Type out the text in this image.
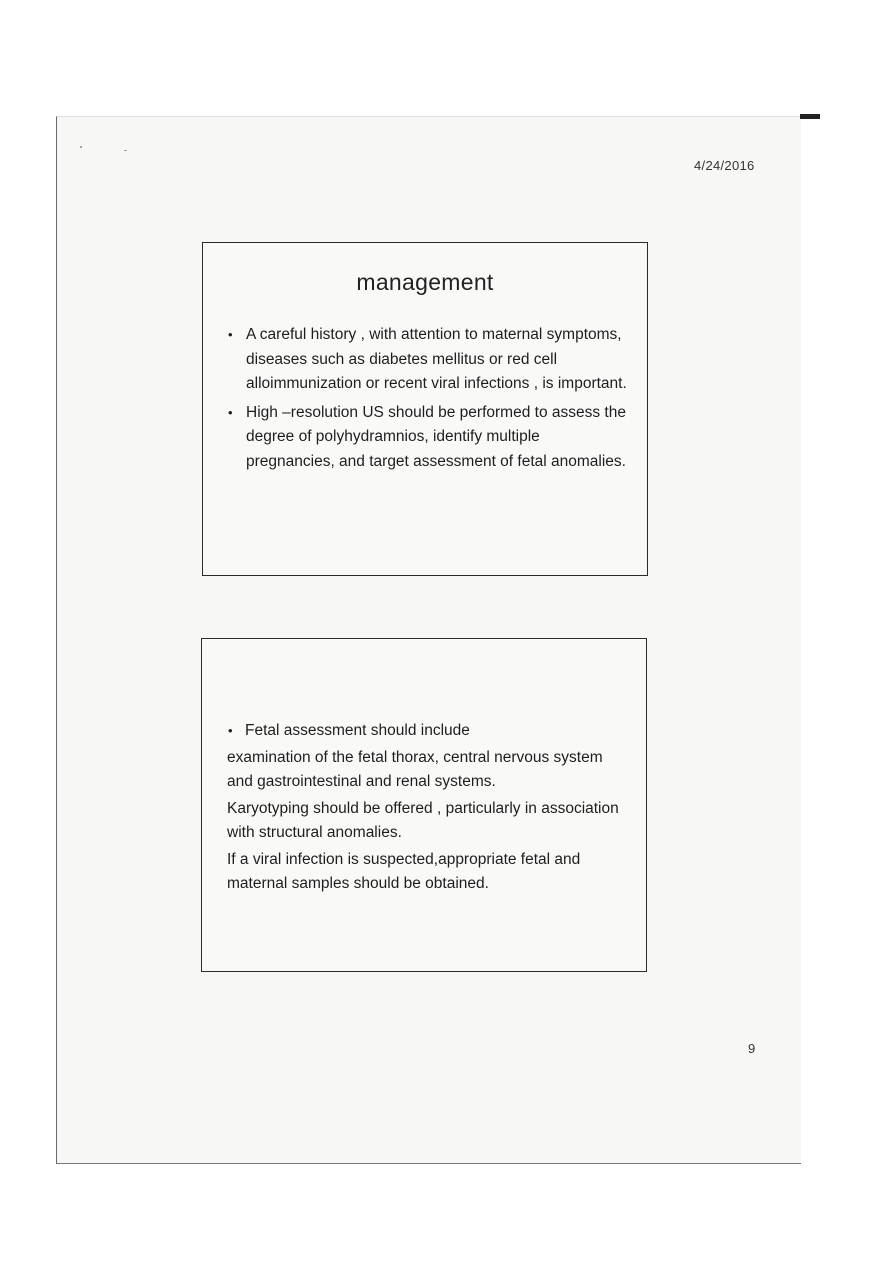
4/24/2016
management
• A careful history , with attention to maternal symptoms, diseases such as diabetes mellitus or red cell alloimmunization or recent viral infections , is important.
• High –resolution US should be performed to assess the degree of polyhydramnios, identify multiple pregnancies, and target assessment of fetal anomalies.

• Fetal assessment should include

examination of the fetal thorax, central nervous system and gastrointestinal and renal systems.

Karyotyping should be offered , particularly in association with structural anomalies.

If a viral infection is suspected,appropriate fetal and maternal samples should be obtained.

9
